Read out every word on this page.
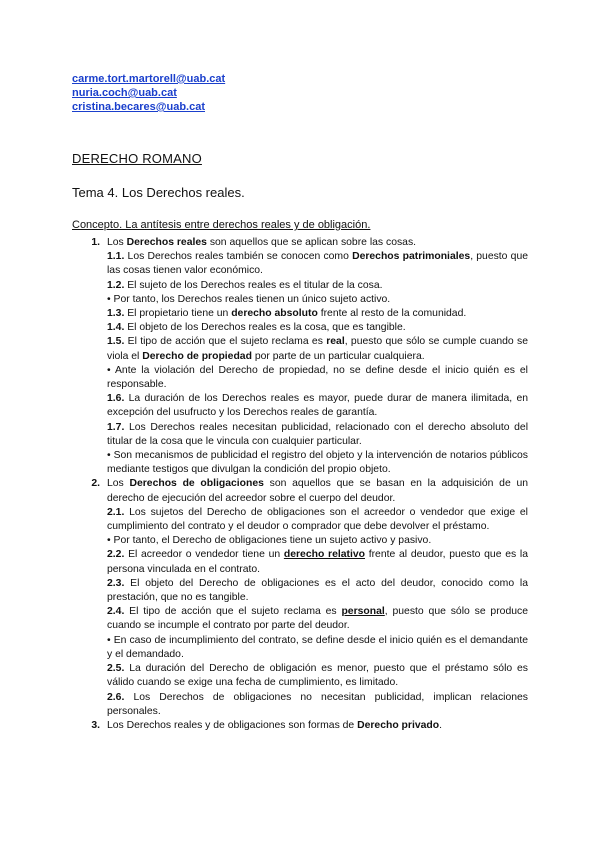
carme.tort.martorell@uab.cat
nuria.coch@uab.cat
cristina.becares@uab.cat
DERECHO ROMANO
Tema 4. Los Derechos reales.
Concepto. La antítesis entre derechos reales y de obligación.
1. Los Derechos reales son aquellos que se aplican sobre las cosas.
1.1. Los Derechos reales también se conocen como Derechos patrimoniales, puesto que las cosas tienen valor económico.
1.2. El sujeto de los Derechos reales es el titular de la cosa.
• Por tanto, los Derechos reales tienen un único sujeto activo.
1.3. El propietario tiene un derecho absoluto frente al resto de la comunidad.
1.4. El objeto de los Derechos reales es la cosa, que es tangible.
1.5. El tipo de acción que el sujeto reclama es real, puesto que sólo se cumple cuando se viola el Derecho de propiedad por parte de un particular cualquiera.
• Ante la violación del Derecho de propiedad, no se define desde el inicio quién es el responsable.
1.6. La duración de los Derechos reales es mayor, puede durar de manera ilimitada, en excepción del usufructo y los Derechos reales de garantía.
1.7. Los Derechos reales necesitan publicidad, relacionado con el derecho absoluto del titular de la cosa que le vincula con cualquier particular.
• Son mecanismos de publicidad el registro del objeto y la intervención de notarios públicos mediante testigos que divulgan la condición del propio objeto.
2. Los Derechos de obligaciones son aquellos que se basan en la adquisición de un derecho de ejecución del acreedor sobre el cuerpo del deudor.
2.1. Los sujetos del Derecho de obligaciones son el acreedor o vendedor que exige el cumplimiento del contrato y el deudor o comprador que debe devolver el préstamo.
• Por tanto, el Derecho de obligaciones tiene un sujeto activo y pasivo.
2.2. El acreedor o vendedor tiene un derecho relativo frente al deudor, puesto que es la persona vinculada en el contrato.
2.3. El objeto del Derecho de obligaciones es el acto del deudor, conocido como la prestación, que no es tangible.
2.4. El tipo de acción que el sujeto reclama es personal, puesto que sólo se produce cuando se incumple el contrato por parte del deudor.
• En caso de incumplimiento del contrato, se define desde el inicio quién es el demandante y el demandado.
2.5. La duración del Derecho de obligación es menor, puesto que el préstamo sólo es válido cuando se exige una fecha de cumplimiento, es limitado.
2.6. Los Derechos de obligaciones no necesitan publicidad, implican relaciones personales.
3. Los Derechos reales y de obligaciones son formas de Derecho privado.
